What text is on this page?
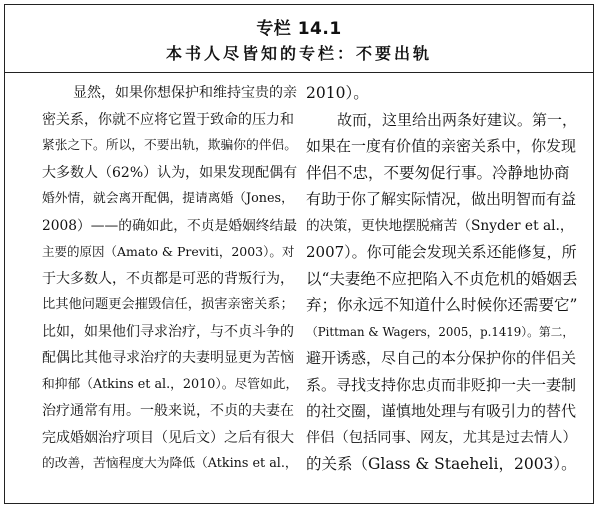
专栏 14.1
本书人尽皆知的专栏：不要出轨
显然，如果你想保护和维持宝贵的亲
密关系，你就不应将它置于致命的压力和
紧张之下。所以，不要出轨，欺骗你的伴侣。
大多数人（62%）认为，如果发现配偶有
婚外情，就会离开配偶，提请离婚（Jones，
2008）——的确如此，不贞是婚姻终结最
主要的原因（Amato & Previti，2003）。对
于大多数人，不贞都是可恶的背叛行为，
比其他问题更会摧毁信任，损害亲密关系；
比如，如果他们寻求治疗，与不贞斗争的
配偶比其他寻求治疗的夫妻明显更为苦恼
和抑郁（Atkins et al.，2010）。尽管如此，
治疗通常有用。一般来说，不贞的夫妻在
完成婚姻治疗项目（见后文）之后有很大
的改善，苦恼程度大为降低（Atkins et al.，
2010）。
故而，这里给出两条好建议。第一，
如果在一度有价值的亲密关系中，你发现
伴侣不忠，不要匆促行事。冷静地协商
有助于你了解实际情况，做出明智而有益
的决策，更快地摆脱痛苦（Snyder et al.，
2007）。你可能会发现关系还能修复，所
以“夫妻绝不应把陷入不贞危机的婚姻丢
弃；你永远不知道什么时候你还需要它”
（Pittman & Wagers，2005，p.1419）。第二，
避开诱惑，尽自己的本分保护你的伴侣关
系。寻找支持你忠贞而非贬抑一夫一妻制
的社交圈，谨慎地处理与有吸引力的替代
伴侣（包括同事、网友，尤其是过去情人）
的关系（Glass & Staeheli，2003）。
